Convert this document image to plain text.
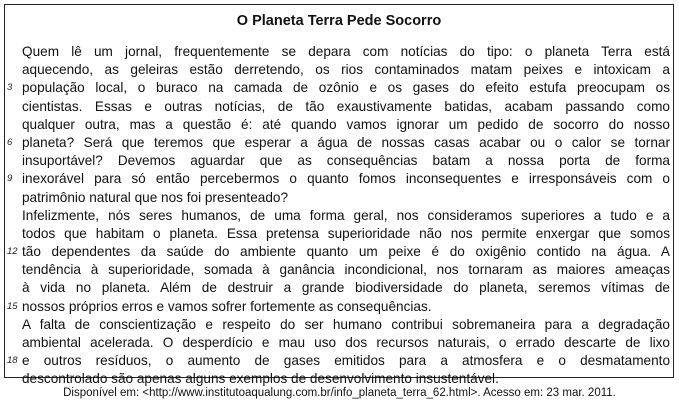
O Planeta Terra Pede Socorro
Quem lê um jornal, frequentemente se depara com notícias do tipo: o planeta Terra está
aquecendo, as geleiras estão derretendo, os rios contaminados matam peixes e intoxicam a
3 população local, o buraco na camada de ozônio e os gases do efeito estufa preocupam os
cientistas. Essas e outras notícias, de tão exaustivamente batidas, acabam passando como
qualquer outra, mas a questão é: até quando vamos ignorar um pedido de socorro do nosso
6 planeta? Será que teremos que esperar a água de nossas casas acabar ou o calor se tornar
insuportável? Devemos aguardar que as consequências batam a nossa porta de forma
9 inexorável para só então percebermos o quanto fomos inconsequentes e irresponsáveis com o
patrimônio natural que nos foi presenteado?
Infelizmente, nós seres humanos, de uma forma geral, nos consideramos superiores a tudo e a
todos que habitam o planeta. Essa pretensa superioridade não nos permite enxergar que somos
12 tão dependentes da saúde do ambiente quanto um peixe é do oxigênio contido na água. A
tendência à superioridade, somada à ganância incondicional, nos tornaram as maiores ameaças
à vida no planeta. Além de destruir a grande biodiversidade do planeta, seremos vítimas de
15 nossos próprios erros e vamos sofrer fortemente as consequências.
A falta de conscientização e respeito do ser humano contribui sobremaneira para a degradação
ambiental acelerada. O desperdício e mau uso dos recursos naturais, o errado descarte de lixo
18 e outros resíduos, o aumento de gases emitidos para a atmosfera e o desmatamento
descontrolado são apenas alguns exemplos de desenvolvimento insustentável.
Disponível em: <http://www.institutoaqualung.com.br/info_planeta_terra_62.html>. Acesso em: 23 mar. 2011.
